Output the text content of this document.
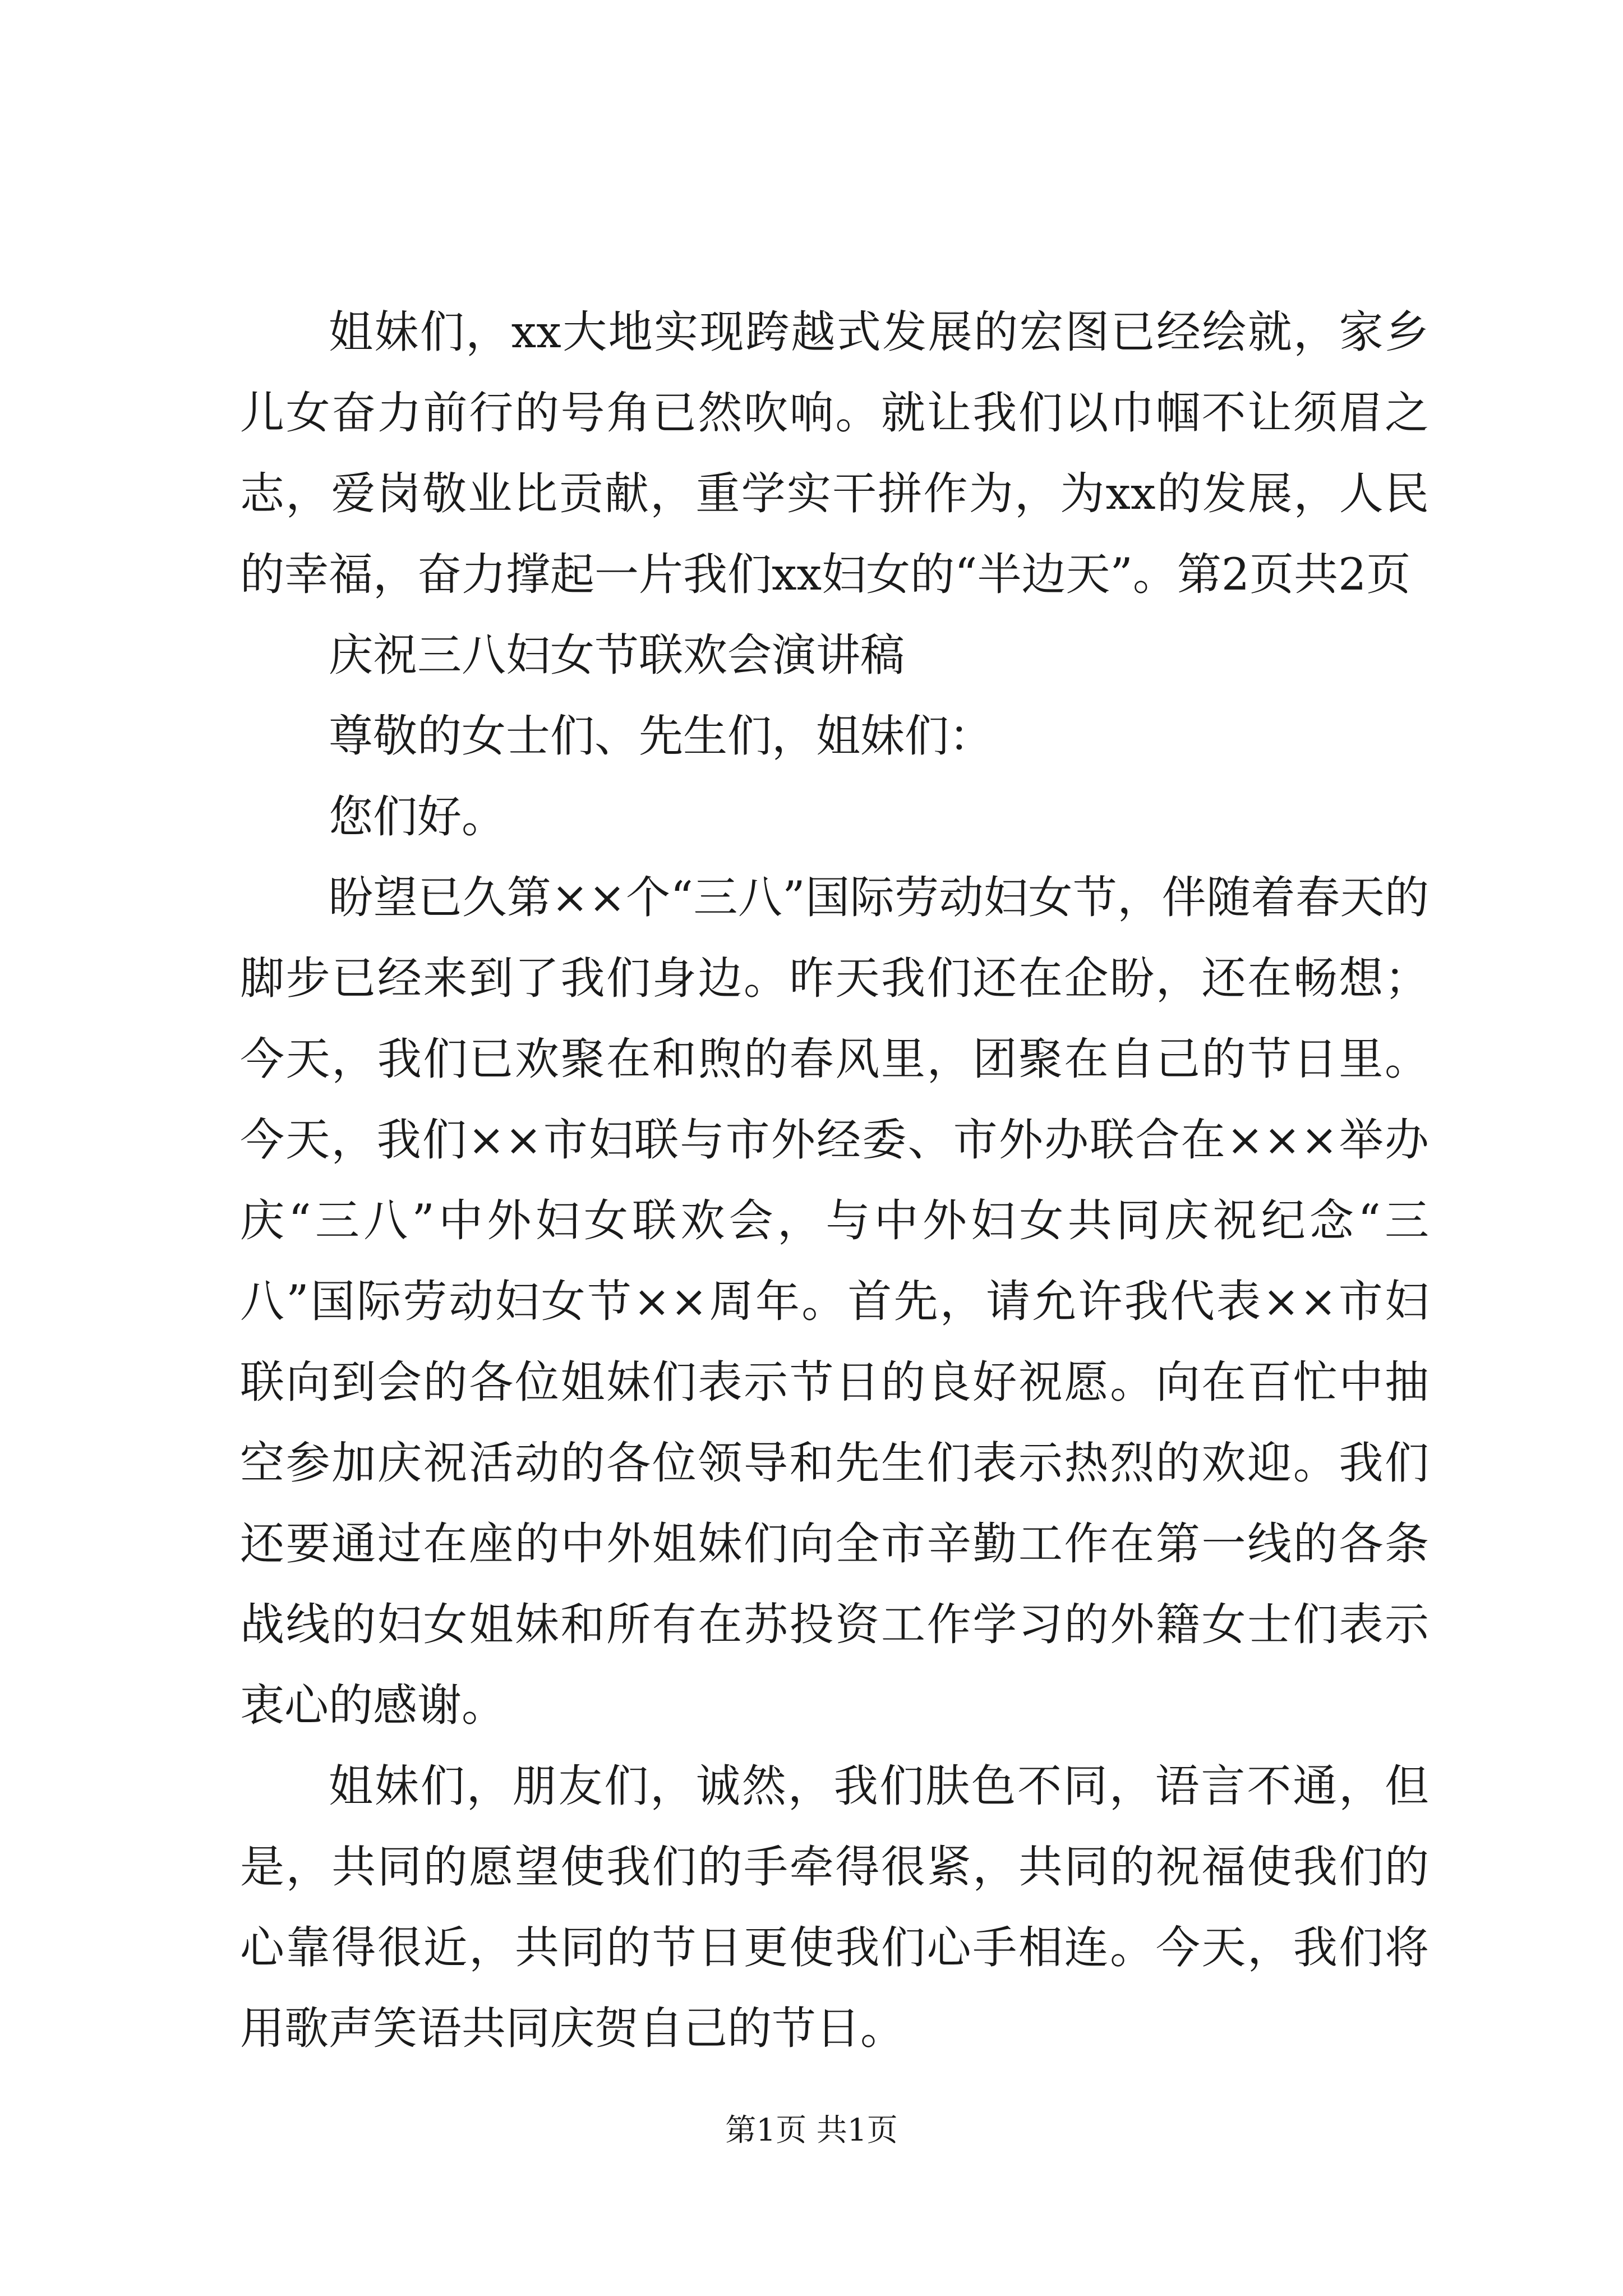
姐妹们，xx大地实现跨越式发展的宏图已经绘就，家乡儿女奋力前行的号角已然吹响。就让我们以巾帼不让须眉之志，爱岗敬业比贡献，重学实干拼作为，为xx的发展，人民的幸福，奋力撑起一片我们xx妇女的“半边天”。第2页共2页

庆祝三八妇女节联欢会演讲稿

尊敬的女士们、先生们，姐妹们：

您们好。

盼望已久第××个“三八”国际劳动妇女节，伴随着春天的脚步已经来到了我们身边。昨天我们还在企盼，还在畅想；今天，我们已欢聚在和煦的春风里，团聚在自己的节日里。今天，我们××市妇联与市外经委、市外办联合在×××举办庆“三八”中外妇女联欢会，与中外妇女共同庆祝纪念“三八”国际劳动妇女节××周年。首先，请允许我代表××市妇联向到会的各位姐妹们表示节日的良好祝愿。向在百忙中抽空参加庆祝活动的各位领导和先生们表示热烈的欢迎。我们还要通过在座的中外姐妹们向全市辛勤工作在第一线的各条战线的妇女姐妹和所有在苏投资工作学习的外籍女士们表示衷心的感谢。

姐妹们，朋友们，诚然，我们肤色不同，语言不通，但是，共同的愿望使我们的手牵得很紧，共同的祝福使我们的心靠得很近，共同的节日更使我们心手相连。今天，我们将用歌声笑语共同庆贺自己的节日。

第1页 共1页
